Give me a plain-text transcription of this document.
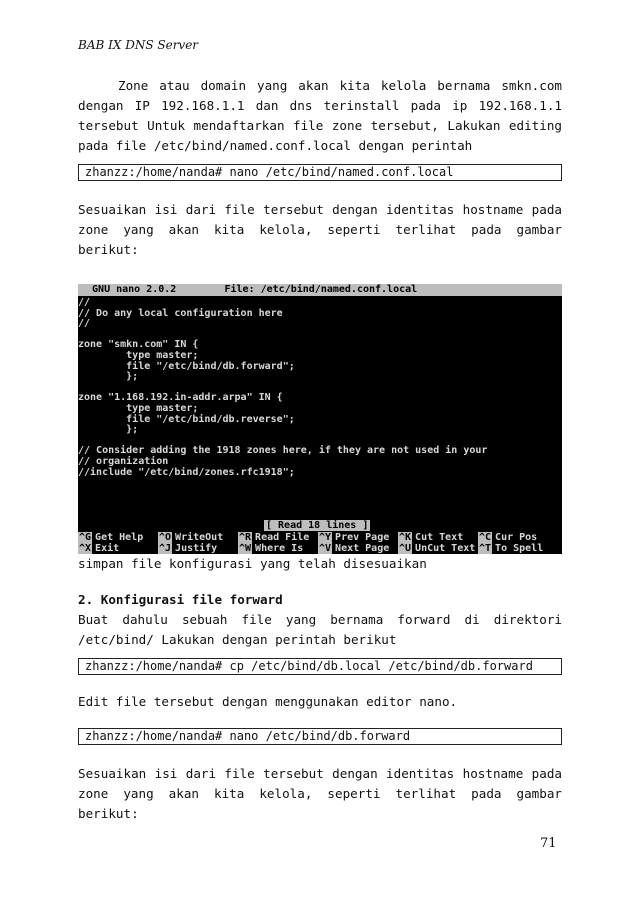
BAB IX DNS Server

Zone atau domain yang akan kita kelola bernama smkn.com dengan IP 192.168.1.1 dan dns terinstall pada ip 192.168.1.1 tersebut Untuk mendaftarkan file zone tersebut, Lakukan editing pada file /etc/bind/named.conf.local dengan perintah

zhanzz:/home/nanda# nano /etc/bind/named.conf.local

Sesuaikan isi dari file tersebut dengan identitas hostname pada zone yang akan kita kelola, seperti terlihat pada gambar berikut:

GNU nano 2.0.2        File: /etc/bind/named.conf.local
//
// Do any local configuration here
//

zone "smkn.com" IN {
type master;
file "/etc/bind/db.forward";
};

zone "1.168.192.in-addr.arpa" IN {
type master;
file "/etc/bind/db.reverse";
};

// Consider adding the 1918 zones here, if they are not used in your
// organization
//include "/etc/bind/zones.rfc1918";
[ Read 18 lines ]
^G Get Help ^O WriteOut ^R Read File ^Y Prev Page ^K Cut Text ^C Cur Pos
^X Exit	^J Justify ^W Where Is ^V Next Page ^U UnCut Text ^T To Spell

simpan file konfigurasi yang telah disesuaikan

2. Konfigurasi file forward

Buat dahulu sebuah file yang bernama forward di direktori /etc/bind/ Lakukan dengan perintah berikut

zhanzz:/home/nanda# cp /etc/bind/db.local /etc/bind/db.forward

Edit file tersebut dengan menggunakan editor nano.

zhanzz:/home/nanda# nano /etc/bind/db.forward

Sesuaikan isi dari file tersebut dengan identitas hostname pada zone yang akan kita kelola, seperti terlihat pada gambar berikut:

71
